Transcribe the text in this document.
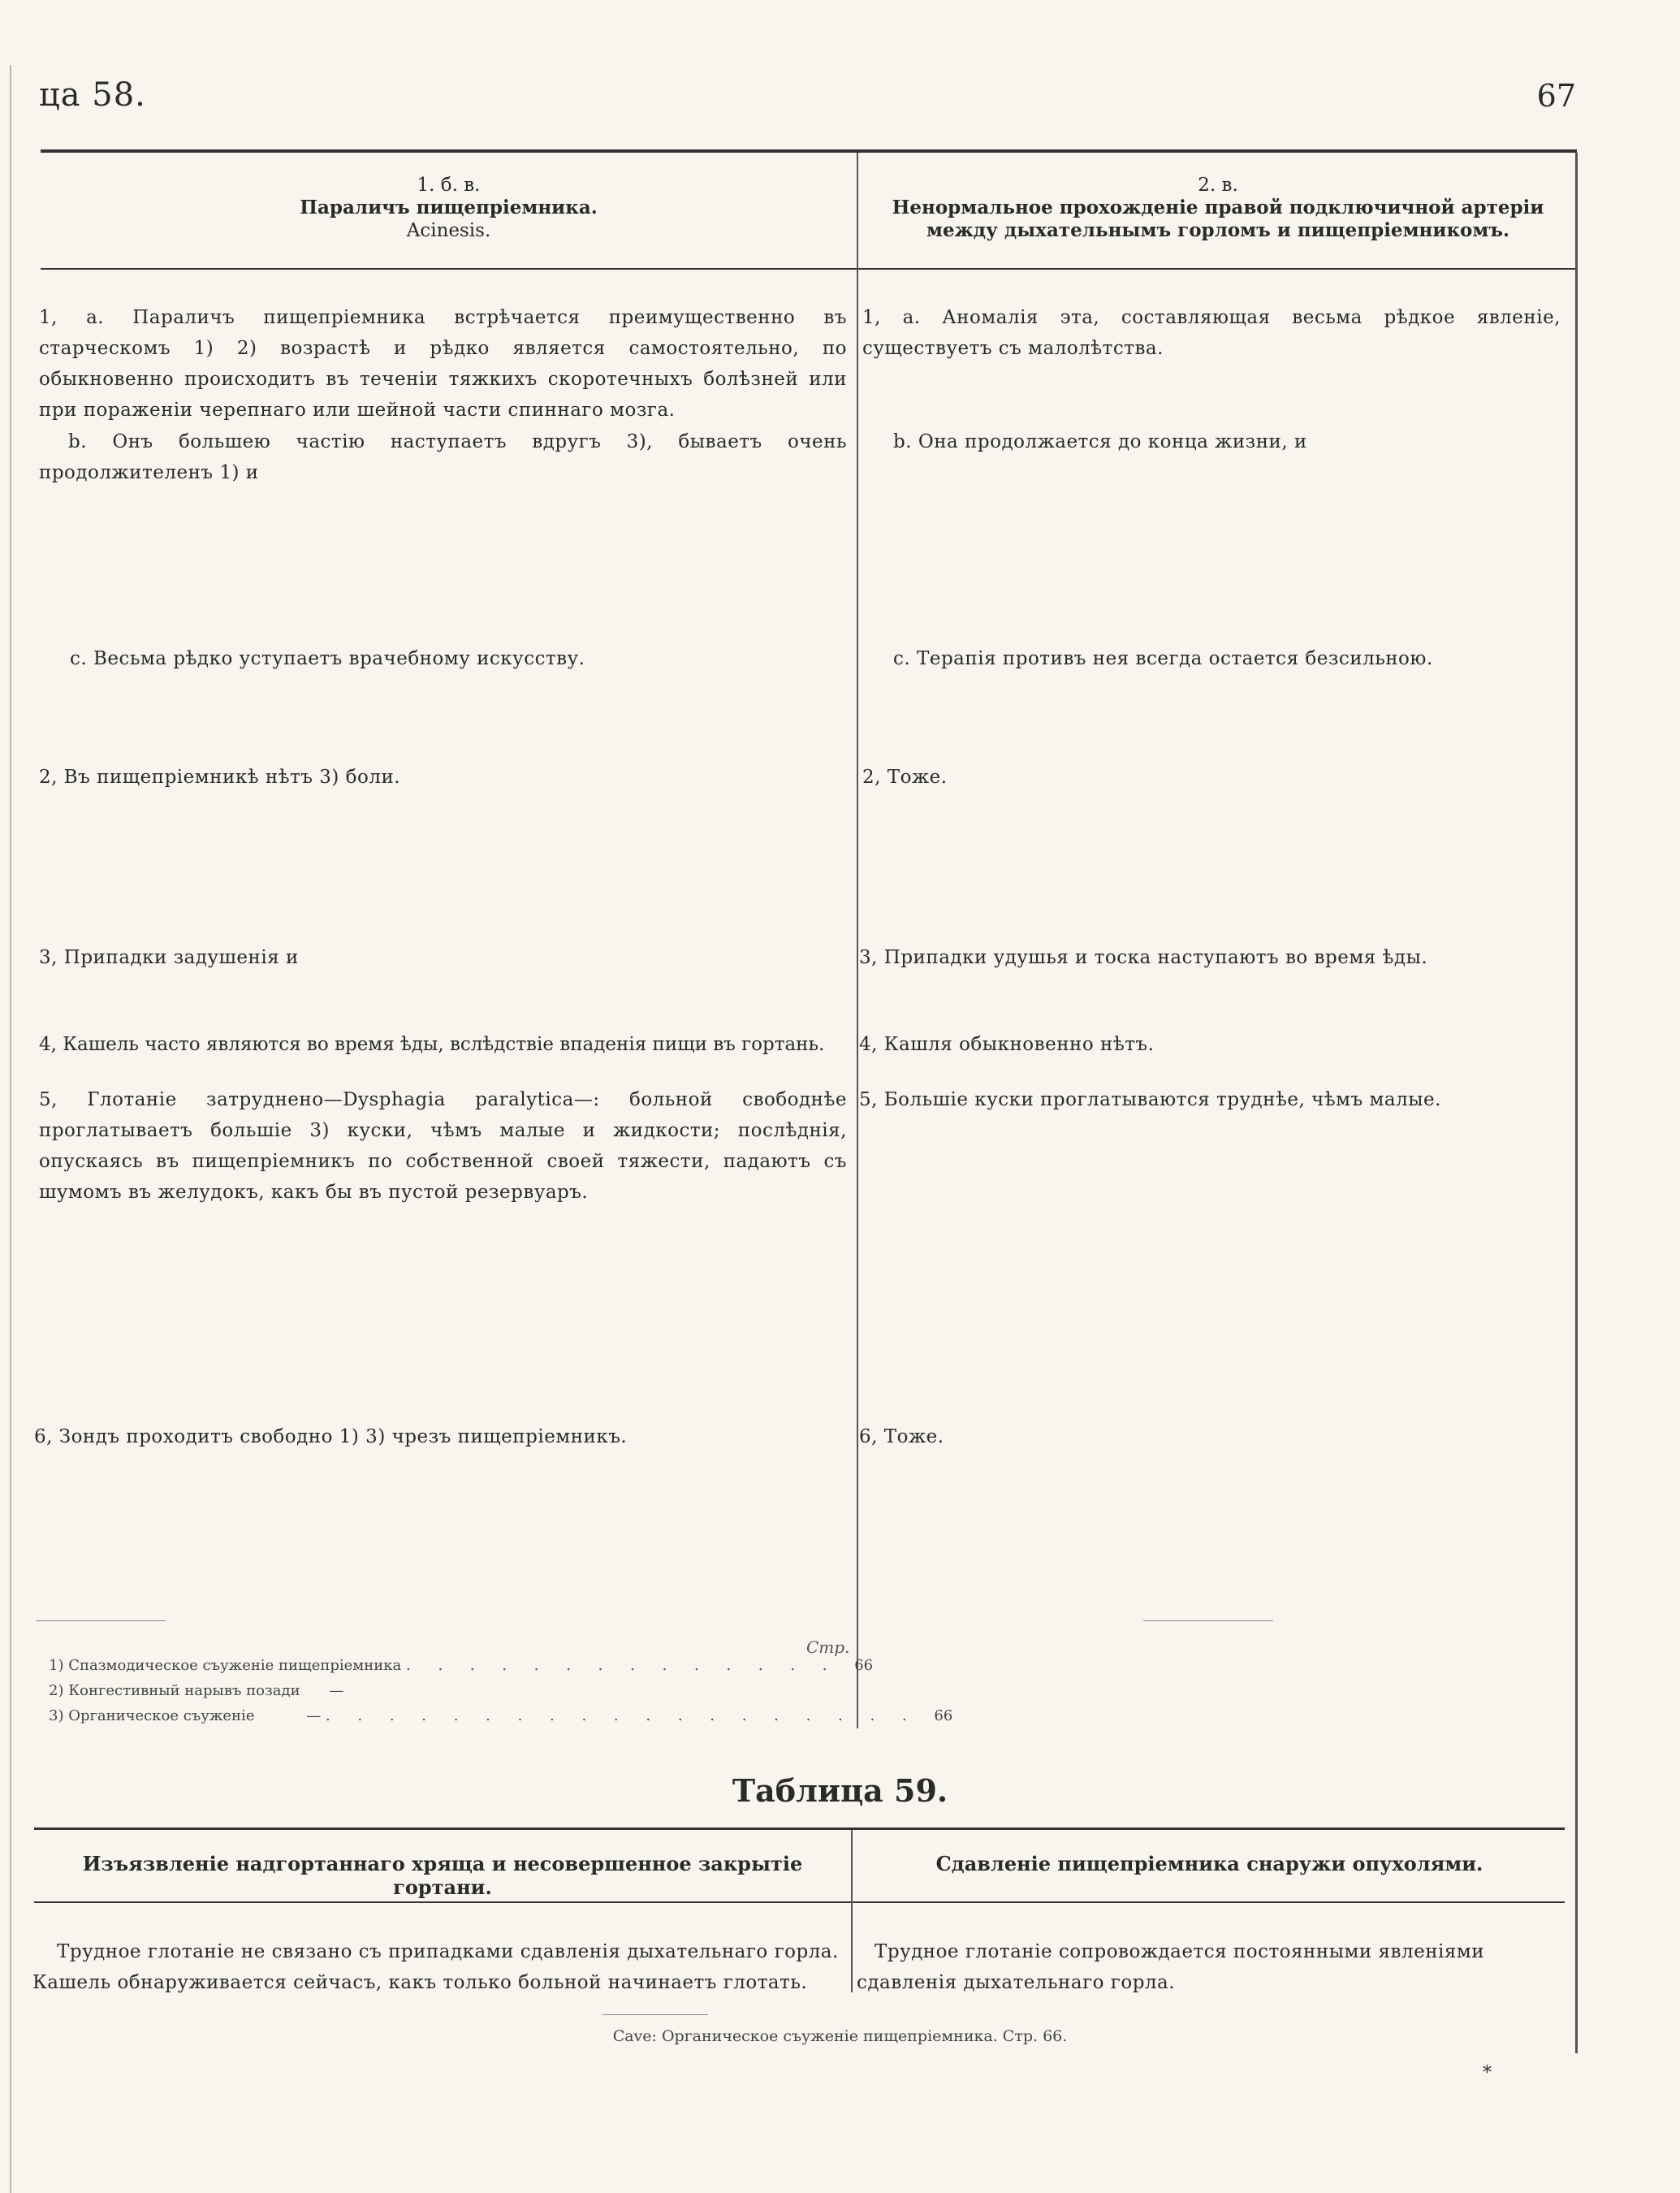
ца 58.	67
1. б. в.
Параличъ пищепріемника.
Acinesis.
2. в.
Ненормальное прохожденіе правой подключичной артеріи между дыхательнымъ горломъ и пищепріемникомъ.
1, а. Параличъ пищепріемника встрѣчается преимущественно въ старческомъ 1) 2) возрастѣ и рѣдко является самостоятельно, по обыкновенно происходитъ въ теченіи тяжкихъ скоротечныхъ болѣзней или при пораженіи черепнаго или шейной части спиннаго мозга.
b. Онъ большею частію наступаетъ вдругъ 3), бываетъ очень продолжителенъ 1) и
с. Весьма рѣдко уступаетъ врачебному искусству.
2, Въ пищепріемникѣ нѣтъ 3) боли.
3, Припадки задушенія и
4, Кашель часто являются во время ѣды, вслѣдствіе впаденія пищи въ гортань.
5, Глотаніе затруднено—Dysphagia paralytica—: больной свободнѣе проглатываетъ большіе 3) куски, чѣмъ малые и жидкости; послѣднія, опускаясь въ пищепріемникъ по собственной своей тяжести, падаютъ съ шумомъ въ желудокъ, какъ бы въ пустой резервуаръ.
6, Зондъ проходитъ свободно 1) 3) чрезъ пищепріемникъ.
1, а. Аномалія эта, составляющая весьма рѣдкое явленіе, существуетъ съ малолѣтства.
b. Она продолжается до конца жизни, и
с. Терапія противъ нея всегда остается безсильною.
2, Тоже.
3, Припадки удушья и тоска наступаютъ во время ѣды.
4, Кашля обыкновенно нѣтъ.
5, Большіе куски проглатываются труднѣе, чѣмъ малые.
6, Тоже.
Стр.
1) Спазмодическое съуженіе пищепріемника . . . . . . . . . . . . . . 66
2) Конгестивный нарывъ позади —
3) Органическое съуженіе	— . . . . . . . . . . . . . . . . . . . 66
Таблица 59.
Изъязвленіе надгортаннаго хряща и несовершенное закрытіе гортани.
Сдавленіе пищепріемника снаружи опухолями.
Трудное глотаніе не связано съ припадками сдавленія дыхательнаго горла. Кашель обнаруживается сейчасъ, какъ только больной начинаетъ глотать.
Трудное глотаніе сопровождается постоянными явленіями сдавленія дыхательнаго горла.
Cave: Органическое съуженіе пищепріемника. Стр. 66.
*
